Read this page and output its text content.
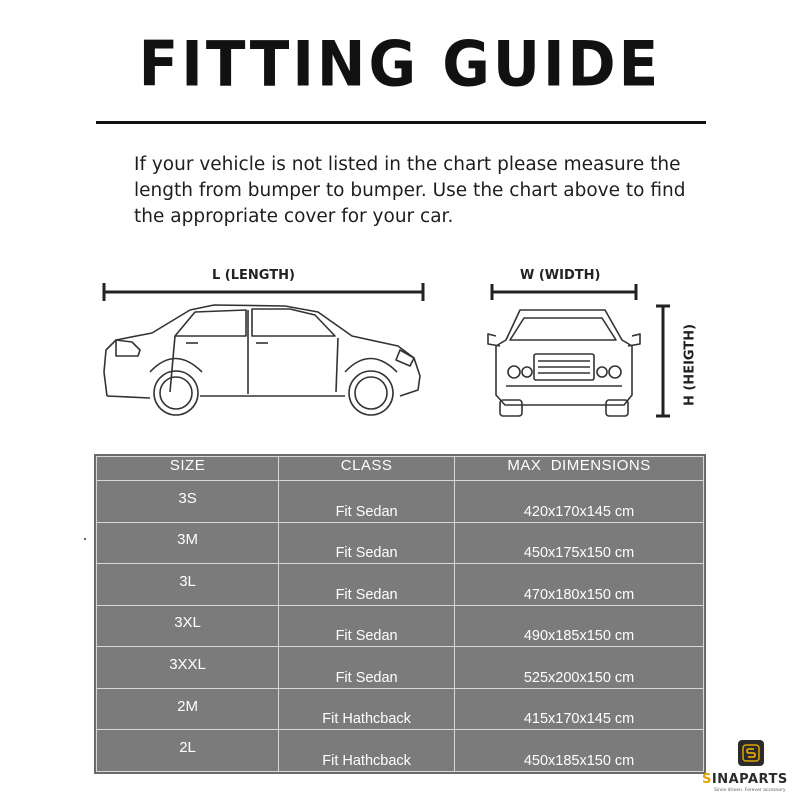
FITTING GUIDE
If your vehicle is not listed in the chart please measure the length from bumper to bumper. Use the chart above to find the appropriate cover for your car.
L (LENGTH)	W (WIDTH)
H (HEIGTH)
SIZE	CLASS	MAX  DIMENSIONS
3S	Fit Sedan	420x170x145 cm
3M	Fit Sedan	450x175x150 cm
3L	Fit Sedan	470x180x150 cm
3XL	Fit Sedan	490x185x150 cm
3XXL	Fit Sedan	525x200x150 cm
2M	Fit Hathcback	415x170x145 cm
2L	Fit Hathcback	450x185x150 cm
SINAPARTS
Since driven. Forever accessory
